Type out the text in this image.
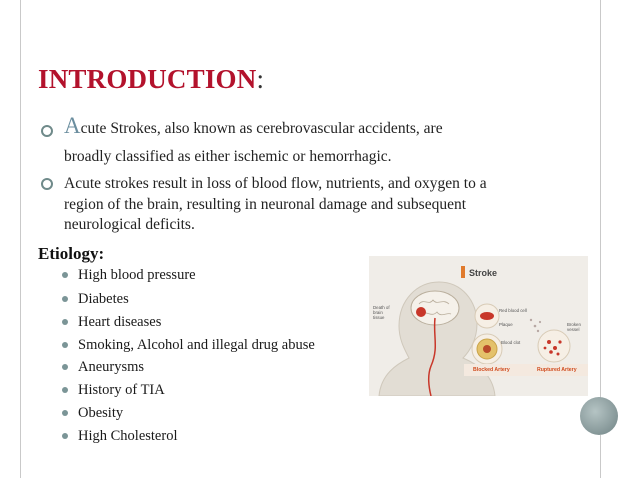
INTRODUCTION:
Acute Strokes, also known as cerebrovascular accidents, are
broadly classified as either ischemic or hemorrhagic.
Acute strokes result in loss of blood flow, nutrients, and oxygen to a
region of the brain, resulting in neuronal damage and subsequent
neurological deficits.
Etiology:
High blood pressure
Diabetes
Heart diseases
Smoking, Alcohol and illegal drug abuse
Aneurysms
History of TIA
Obesity
High Cholesterol
Stroke
Death of brain tissue
Red blood cell
Plaque
Blood clot
Broken vessel
Blocked Artery	Ruptured Artery
